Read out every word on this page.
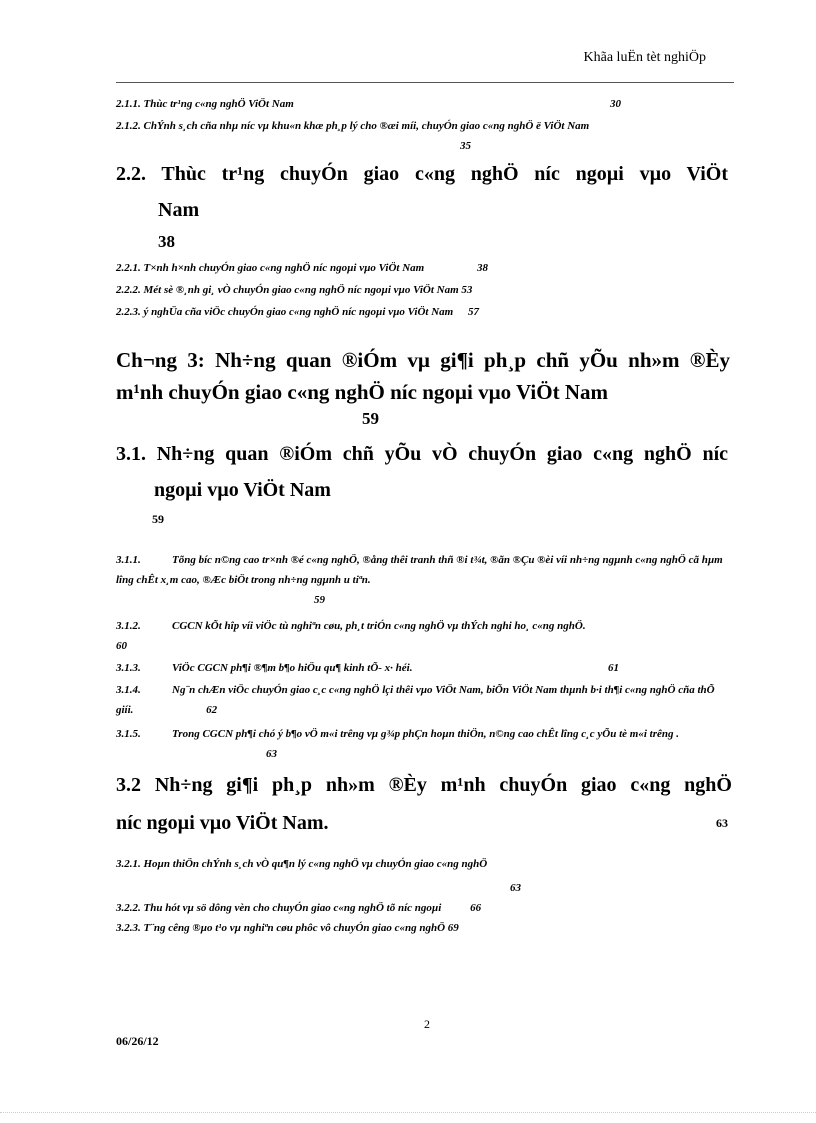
Khãa luËn tèt nghiÖp
2.1.1. Thùc tr¹ng c«ng nghÖ ViÖt Nam	30
2.1.2. ChÝnh s¸ch cña nhµ níc vµ khu«n khæ ph¸p lý cho ®æi míi, chuyÓn giao c«ng nghÖ ë ViÖt Nam
35
2.2. Thùc tr¹ng chuyÓn giao c«ng nghÖ níc ngoµi vµo ViÖt
Nam
38
2.2.1. T×nh h×nh chuyÓn giao c«ng nghÖ níc ngoµi vµo ViÖt Nam	38
2.2.2. Mét sè ®¸nh gi¸ vÒ chuyÓn giao c«ng nghÖ níc ngoµi vµo ViÖt Nam 53
2.2.3. ý nghÜa cña viÖc chuyÓn giao c«ng nghÖ níc ngoµi vµo ViÖt Nam 57
Ch¬ng 3: Nh÷ng quan ®iÓm vµ gi¶i ph¸p chñ yÕu nh»m ®Èy
m¹nh chuyÓn giao c«ng nghÖ níc ngoµi vµo ViÖt Nam
59
3.1. Nh÷ng quan ®iÓm chñ yÕu vÒ chuyÓn giao c«ng nghÖ níc
ngoµi vµo ViÖt Nam
59
3.1.1.	Tõng bíc n©ng cao tr×nh ®é c«ng nghÖ, ®ång thêi tranh thñ ®i t¾t, ®ãn ®Çu ®èi víi nh÷ng ngµnh c«ng nghÖ cã hµm lîng chÊt x¸m cao, ®Æc biÖt trong nh÷ng ngµnh u tiªn.
59
3.1.2.	CGCN kÕt hîp víi viÖc tù nghiªn cøu, ph¸t triÓn c«ng nghÖ vµ thÝch nghi ho¸ c«ng nghÖ.
60
3.1.3.	ViÖc CGCN ph¶i ®¶m b¶o hiÖu qu¶ kinh tÕ- x· héi.	61
3.1.4.	Ng¨n chÆn viÖc chuyÓn giao c¸c c«ng nghÖ lçi thêi vµo ViÖt Nam, biÕn ViÖt Nam thµnh b·i th¶i c«ng nghÖ cña thÕ giíi.	62
3.1.5.	Trong CGCN ph¶i chó ý b¶o vÖ m«i trêng vµ g¾p phÇn hoµn thiÖn, n©ng cao chÊt lîng c¸c yÕu tè m«i trêng . 63
3.2 Nh÷ng gi¶i ph¸p nh»m ®Èy m¹nh chuyÓn giao c«ng nghÖ
níc ngoµi vµo ViÖt Nam.	63
3.2.1. Hoµn thiÖn chÝnh s¸ch vÒ qu¶n lý c«ng nghÖ vµ chuyÓn giao c«ng nghÖ
63
3.2.2. Thu hót vµ sö dông vèn cho chuyÓn giao c«ng nghÖ tõ níc ngoµi	66
3.2.3. T¨ng cêng ®µo t¹o vµ nghiªn cøu phôc vô chuyÓn giao c«ng nghÖ 69
2
06/26/12
